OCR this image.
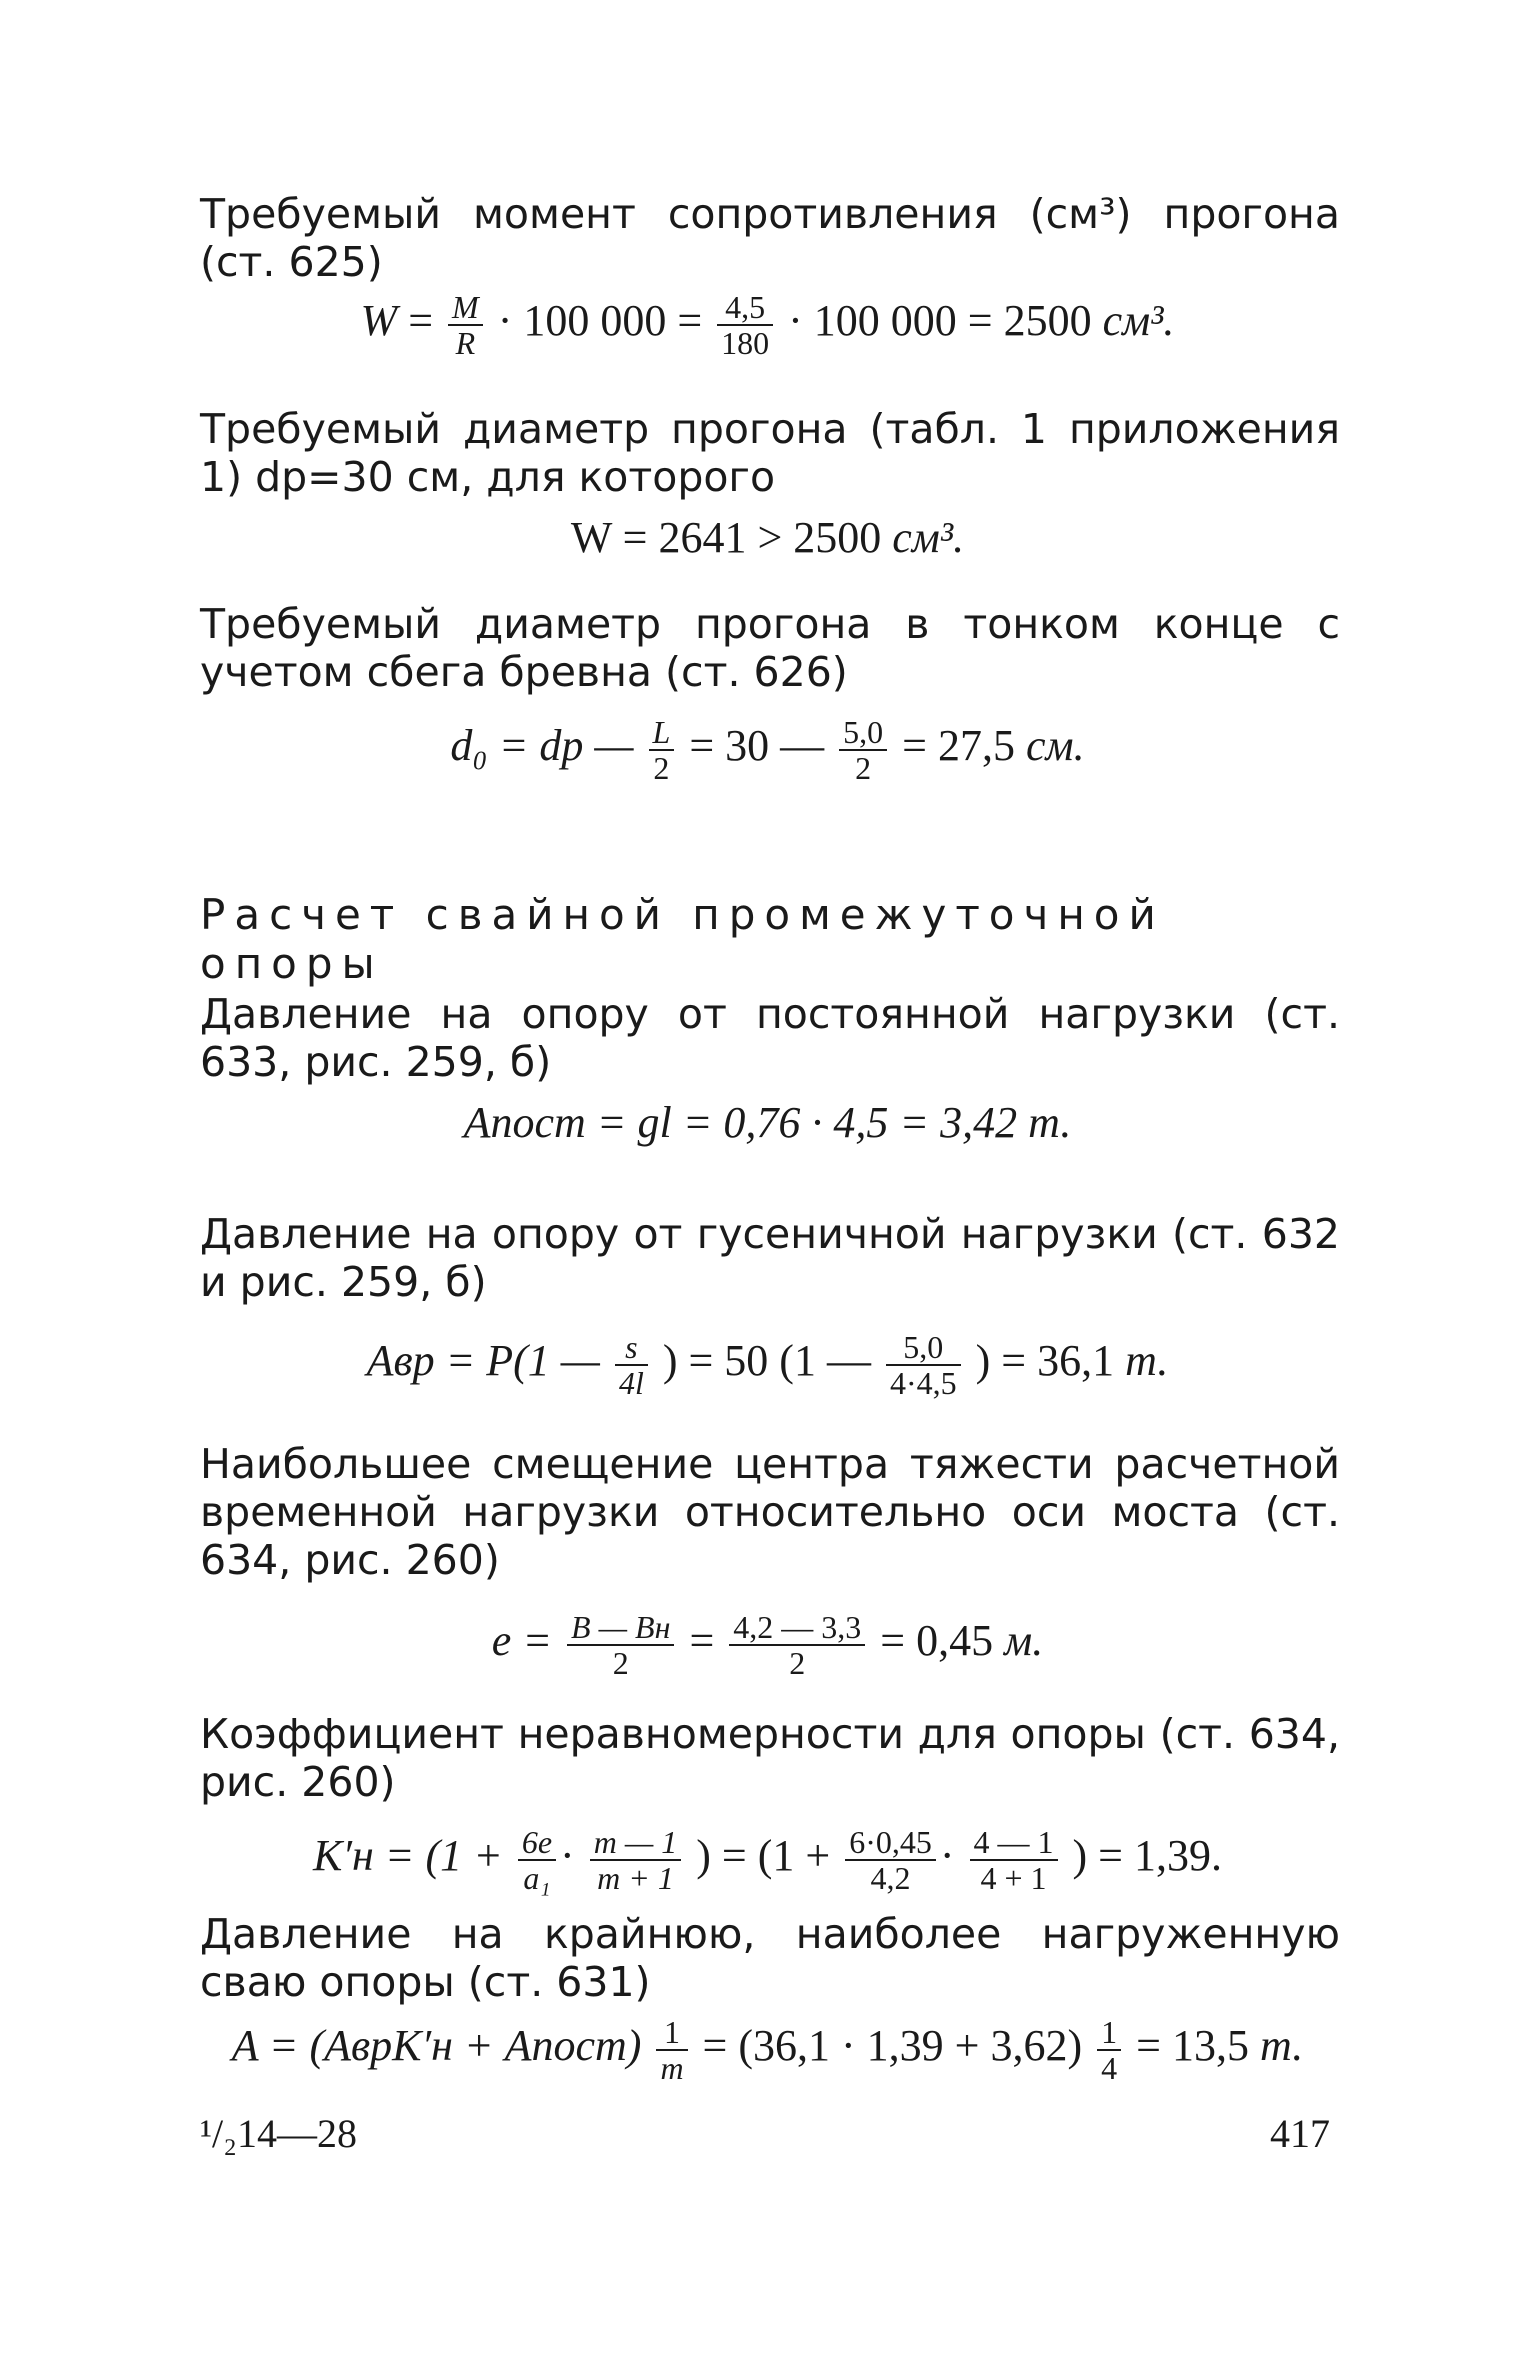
Требуемый момент сопротивления (см³) прогона (ст. 625)
$W = \frac{M}{R} \cdot 100$ $000 = \frac{4,5}{180} \cdot 100$ 000 = 2500 см³.
Требуемый диаметр прогона (табл. 1 приложения 1) dр=30 см, для которого
W = 2641 > 2500 см³.
Требуемый диаметр прогона в тонком конце с учетом сбега бревна (ст. 626)
d₀ = dр — $\frac{L}{2} = 30$ — $\frac{5,0}{2} = 27,5$ см.
Расчет свайной промежуточной опоры
Давление на опору от постоянной нагрузки (ст. 633, рис. 259, б)
Aпост = gl = 0,76 · 4,5 = 3,42 т.
Давление на опору от гусеничной нагрузки (ст. 632 и рис. 259, б)
Aвр = P(1 — $\frac{s}{4l}$ ) = 50 (1 — $\frac{5,0}{4\cdot 4,5}$ ) = 36,1 т.
Наибольшее смещение центра тяжести расчетной временной нагрузки относительно оси моста (ст. 634, рис. 260)
$e = \frac{B — Bн}{2} = \frac{4,2 — 3,3}{2} = 0,45$ м.
Коэффициент неравномерности для опоры (ст. 634, рис. 260)
$K'н = (1 + \frac{6e}{\text{a₁}} \cdot \frac{m — 1}{m + 1}$ ) = ($1 + \frac{6\cdot 0,45}{4,2} \cdot \frac{4 — 1}{4 + 1}$ ) = 1,39.
Давление на крайнюю, наиболее нагруженную сваю опоры (ст. 631)
A = (AврK′н + Aпост) $\frac{1}{m} = (36,1 \cdot 1,39 + 3,62) \frac{1}{4} = 13,5$ т.
¹/₂14—28	417
